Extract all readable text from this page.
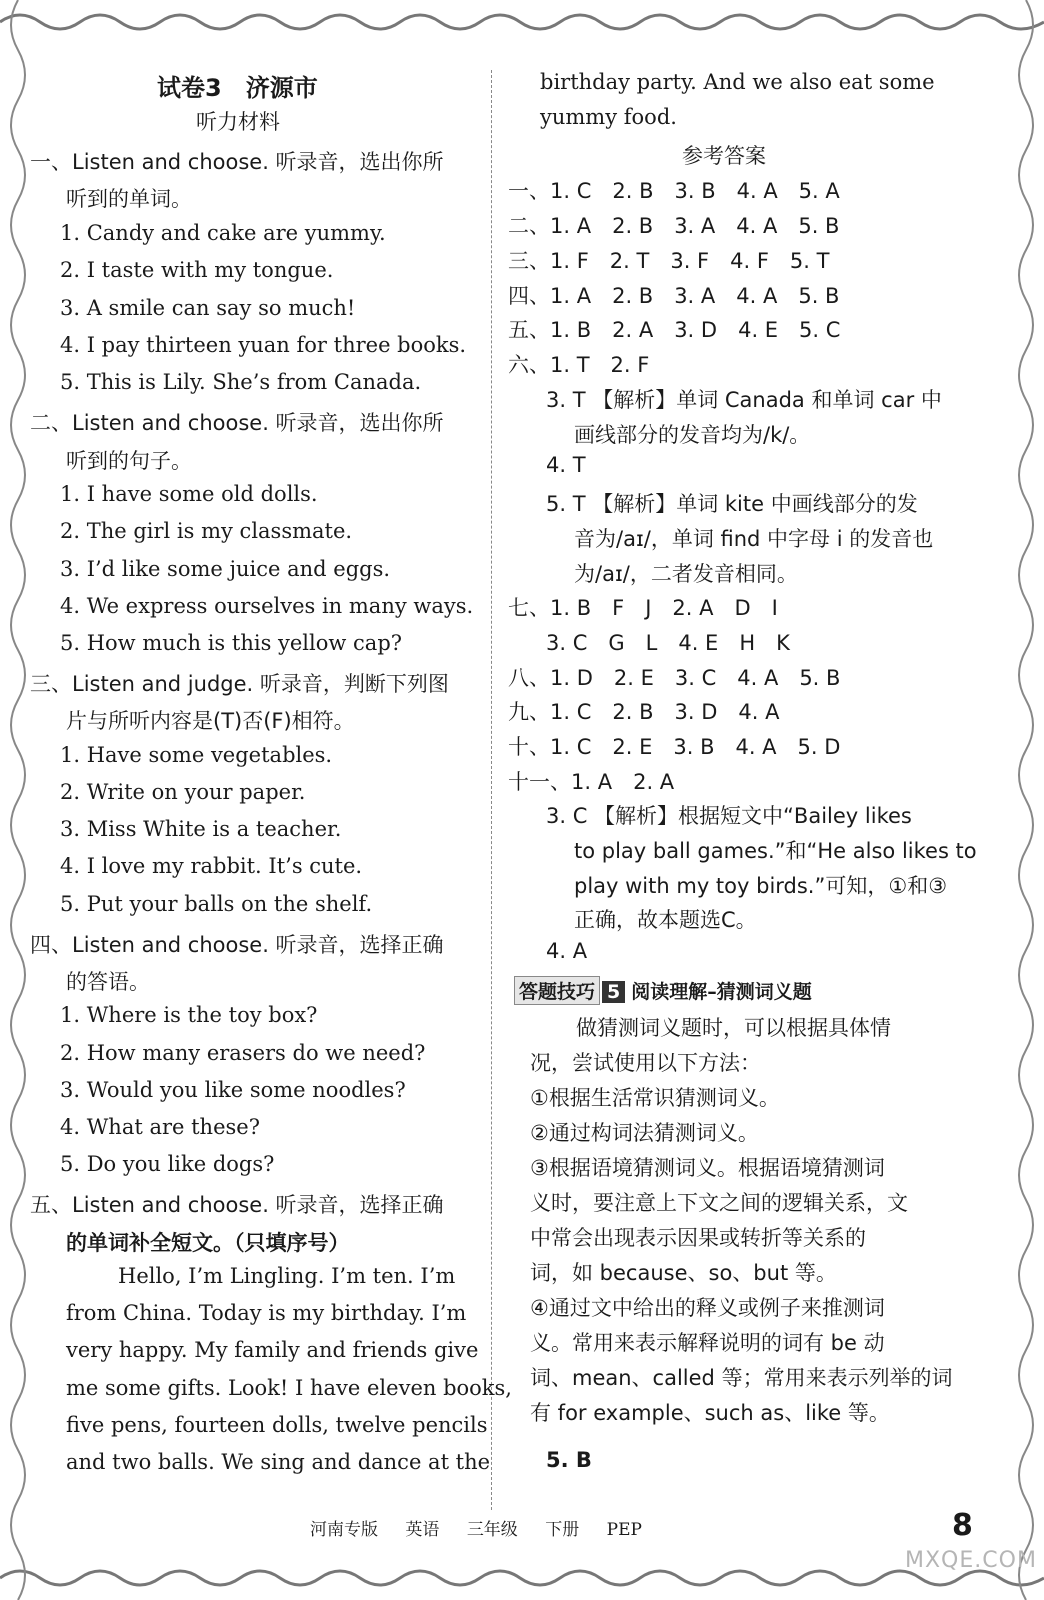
试卷3　济源市
听力材料
一、Listen and choose. 听录音，选出你所
听到的单词。
1. Candy and cake are yummy.
2. I taste with my tongue.
3. A smile can say so much!
4. I pay thirteen yuan for three books.
5. This is Lily. She’s from Canada.
二、Listen and choose. 听录音，选出你所
听到的句子。
1. I have some old dolls.
2. The girl is my classmate.
3. I’d like some juice and eggs.
4. We express ourselves in many ways.
5. How much is this yellow cap?
三、Listen and judge. 听录音，判断下列图
片与所听内容是(T)否(F)相符。
1. Have some vegetables.
2. Write on your paper.
3. Miss White is a teacher.
4. I love my rabbit. It’s cute.
5. Put your balls on the shelf.
四、Listen and choose. 听录音，选择正确
的答语。
1. Where is the toy box?
2. How many erasers do we need?
3. Would you like some noodles?
4. What are these?
5. Do you like dogs?
五、Listen and choose. 听录音，选择正确
的单词补全短文。（只填序号）
Hello, I’m Lingling. I’m ten. I’m
from China. Today is my birthday. I’m
very happy. My family and friends give
me some gifts. Look! I have eleven books,
five pens, fourteen dolls, twelve pencils
and two balls. We sing and dance at the
birthday party. And we also eat some
yummy food.
参考答案
一、1. C　2. B　3. B　4. A　5. A
二、1. A　2. B　3. A　4. A　5. B
三、1. F　2. T　3. F　4. F　5. T
四、1. A　2. B　3. A　4. A　5. B
五、1. B　2. A　3. D　4. E　5. C
六、1. T　2. F
3. T 【解析】单词 Canada 和单词 car 中
画线部分的发音均为/k/。
4. T
5. T 【解析】单词 kite 中画线部分的发
音为/aɪ/，单词 find 中字母 i 的发音也
为/aɪ/，二者发音相同。
七、1. B　F　J　2. A　D　I
3. C　G　L　4. E　H　K
八、1. D　2. E　3. C　4. A　5. B
九、1. C　2. B　3. D　4. A
十、1. C　2. E　3. B　4. A　5. D
十一、1. A　2. A
3. C 【解析】根据短文中“Bailey likes
to play ball games.”和“He also likes to
play with my toy birds.”可知，①和③
正确，故本题选C。
4. A
答题技巧 5 阅读理解–猜测词义题
做猜测词义题时，可以根据具体情
况，尝试使用以下方法：
①根据生活常识猜测词义。
②通过构词法猜测词义。
③根据语境猜测词义。根据语境猜测词
义时，要注意上下文之间的逻辑关系，文
中常会出现表示因果或转折等关系的
词，如 because、so、but 等。
④通过文中给出的释义或例子来推测词
义。常用来表示解释说明的词有 be 动
词、mean、called 等；常用来表示列举的词
有 for example、such as、like 等。
5. B
河南专版 英语 三年级 下册 PEP	8
MXQE.COM
